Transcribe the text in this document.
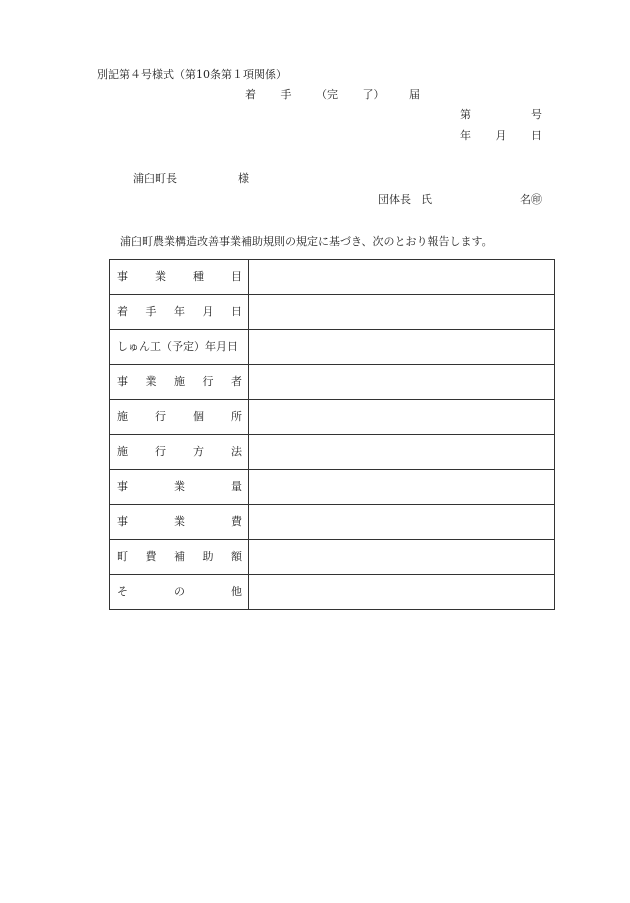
別記第４号様式（第10条第１項関係）
着 手 （完 了） 届
第	号
年 月 日
浦臼町長	様
団体長 氏	名㊞
浦臼町農業構造改善事業補助規則の規定に基づき、次のとおり報告します。
事 業 種 目	

着 手 年 月 日	

しゅん工（予定）年月日	

事 業 施 行 者	

施 行 個 所	

施 行 方 法	

事 業 量	

事 業 費	

町 費 補 助 額	

そ の 他	
